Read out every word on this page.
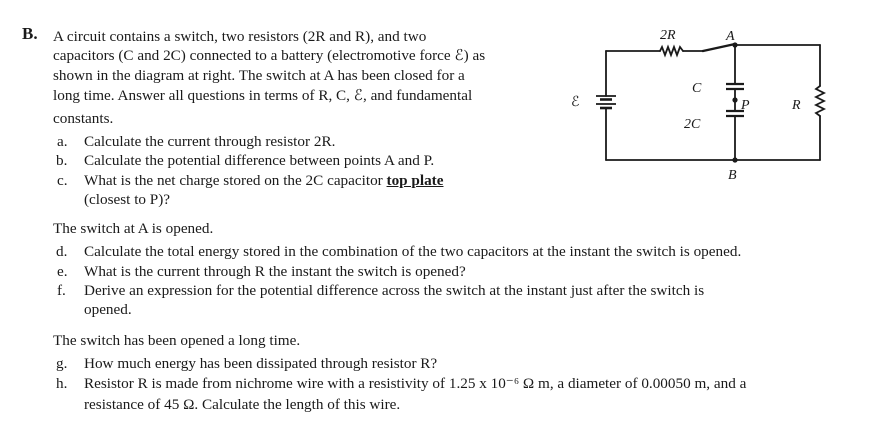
B. A circuit contains a switch, two resistors (2R and R), and two
capacitors (C and 2C) connected to a battery (electromotive force ℰ) as
shown in the diagram at right. The switch at A has been closed for a
long time. Answer all questions in terms of R, C, ℰ, and fundamental
constants.
a. Calculate the current through resistor 2R.
b. Calculate the potential difference between points A and P.
c. What is the net charge stored on the 2C capacitor top plate
(closest to P)?
The switch at A is opened.
d. Calculate the total energy stored in the combination of the two capacitors at the instant the switch is opened.
e. What is the current through R the instant the switch is opened?
f. Derive an expression for the potential difference across the switch at the instant just after the switch is
opened.
The switch has been opened a long time.
g. How much energy has been dissipated through resistor R?
h. Resistor R is made from nichrome wire with a resistivity of 1.25 x 10⁻⁶ Ω m, a diameter of 0.00050 m, and a
resistance of 45 Ω. Calculate the length of this wire.
2R	A
C
2C
P	R
B
ℰ
